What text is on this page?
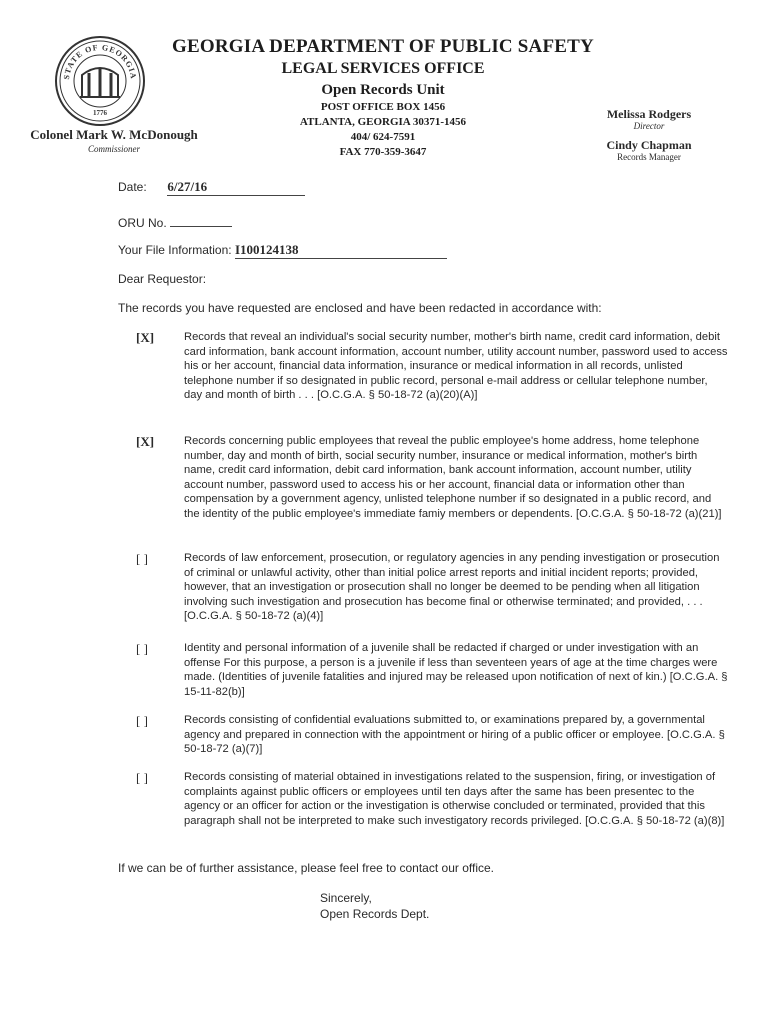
STATE OF GEORGIA
1776
GEORGIA DEPARTMENT OF PUBLIC SAFETY
LEGAL SERVICES OFFICE
Open Records Unit
POST OFFICE BOX 1456
ATLANTA, GEORGIA 30371-1456
404/ 624-7591
FAX 770-359-3647
Colonel Mark W. McDonough
Commissioner
Melissa Rodgers
Director
Cindy Chapman
Records Manager
Date: 6/27/16
ORU No.
Your File Information: I100124138
Dear Requestor:
The records you have requested are enclosed and have been redacted in accordance with:
[X]	Records that reveal an individual's social security number, mother's birth name, credit card information, debit card information, bank account information, account number, utility account number, password used to access his or her account, financial data information, insurance or medical information in all records, unlisted telephone number if so designated in public record, personal e-mail address or cellular telephone number, day and month of birth . . . [O.C.G.A. § 50-18-72 (a)(20)(A)]
[X]	Records concerning public employees that reveal the public employee's home address, home telephone number, day and month of birth, social security number, insurance or medical information, mother's birth name, credit card information, debit card information, bank account information, account number, utility account number, password used to access his or her account, financial data or information other than compensation by a government agency, unlisted telephone number if so designated in a public record, and the identity of the public employee's immediate famiy members or dependents. [O.C.G.A. § 50-18-72 (a)(21)]
[ ]	Records of law enforcement, prosecution, or regulatory agencies in any pending investigation or prosecution of criminal or unlawful activity, other than initial police arrest reports and initial incident reports; provided, however, that an investigation or prosecution shall no longer be deemed to be pending when all litigation involving such investigation and prosecution has become final or otherwise terminated; and provided, . . . [O.C.G.A. § 50-18-72 (a)(4)]
[ ]	Identity and personal information of a juvenile shall be redacted if charged or under investigation with an offense For this purpose, a person is a juvenile if less than seventeen years of age at the time charges were made. (Identities of juvenile fatalities and injured may be released upon notification of next of kin.) [O.C.G.A. § 15-11-82(b)]
[ ]	Records consisting of confidential evaluations submitted to, or examinations prepared by, a governmental agency and prepared in connection with the appointment or hiring of a public officer or employee. [O.C.G.A. § 50-18-72 (a)(7)]
[ ]	Records consisting of material obtained in investigations related to the suspension, firing, or investigation of complaints against public officers or employees until ten days after the same has been presentec to the agency or an officer for action or the investigation is otherwise concluded or terminated, provided that this paragraph shall not be interpreted to make such investigatory records privileged. [O.C.G.A. § 50-18-72 (a)(8)]
If we can be of further assistance, please feel free to contact our office.
Sincerely,
Open Records Dept.
